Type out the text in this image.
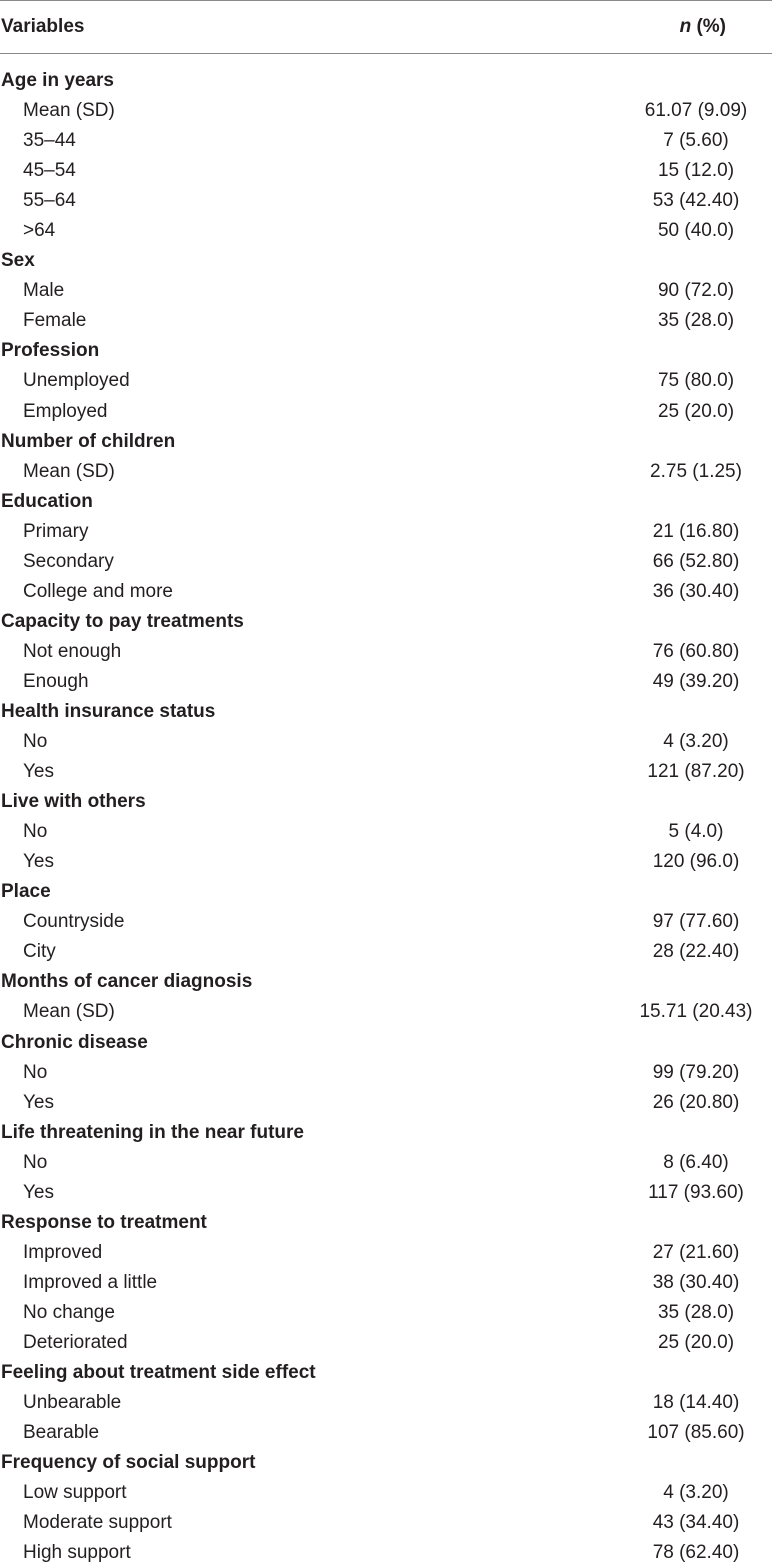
Variables	n (%)
Age in years
Mean (SD)	61.07 (9.09)
35–44	7 (5.60)
45–54	15 (12.0)
55–64	53 (42.40)
>64	50 (40.0)
Sex
Male	90 (72.0)
Female	35 (28.0)
Profession
Unemployed	75 (80.0)
Employed	25 (20.0)
Number of children
Mean (SD)	2.75 (1.25)
Education
Primary	21 (16.80)
Secondary	66 (52.80)
College and more	36 (30.40)
Capacity to pay treatments
Not enough	76 (60.80)
Enough	49 (39.20)
Health insurance status
No	4 (3.20)
Yes	121 (87.20)
Live with others
No	5 (4.0)
Yes	120 (96.0)
Place
Countryside	97 (77.60)
City	28 (22.40)
Months of cancer diagnosis
Mean (SD)	15.71 (20.43)
Chronic disease
No	99 (79.20)
Yes	26 (20.80)
Life threatening in the near future
No	8 (6.40)
Yes	117 (93.60)
Response to treatment
Improved	27 (21.60)
Improved a little	38 (30.40)
No change	35 (28.0)
Deteriorated	25 (20.0)
Feeling about treatment side effect
Unbearable	18 (14.40)
Bearable	107 (85.60)
Frequency of social support
Low support	4 (3.20)
Moderate support	43 (34.40)
High support	78 (62.40)
